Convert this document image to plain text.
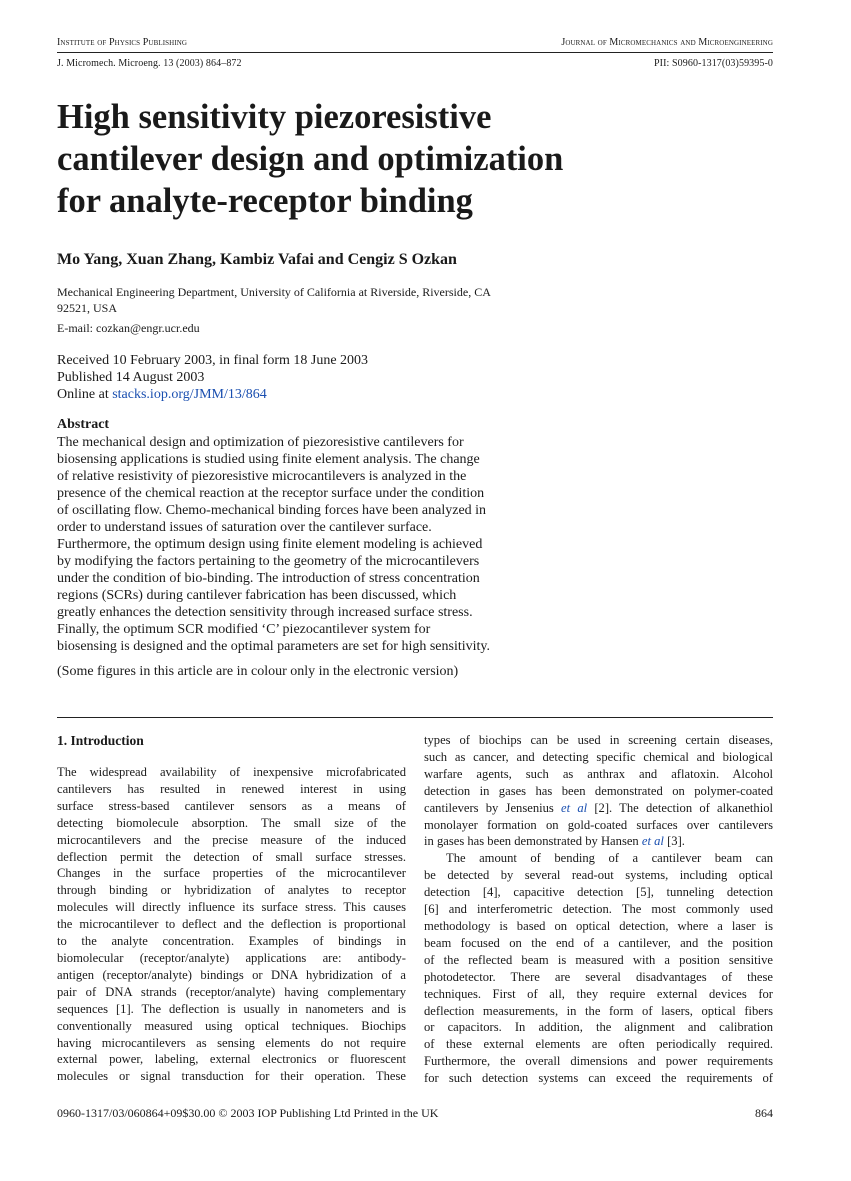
Institute of Physics Publishing	Journal of Micromechanics and Microengineering
J. Micromech. Microeng. 13 (2003) 864–872	PII: S0960-1317(03)59395-0
High sensitivity piezoresistive
cantilever design and optimization
for analyte-receptor binding
Mo Yang, Xuan Zhang, Kambiz Vafai and Cengiz S Ozkan
Mechanical Engineering Department, University of California at Riverside, Riverside, CA 92521, USA
E-mail: cozkan@engr.ucr.edu
Received 10 February 2003, in final form 18 June 2003
Published 14 August 2003
Online at stacks.iop.org/JMM/13/864
Abstract
The mechanical design and optimization of piezoresistive cantilevers for
biosensing applications is studied using finite element analysis. The change
of relative resistivity of piezoresistive microcantilevers is analyzed in the
presence of the chemical reaction at the receptor surface under the condition
of oscillating flow. Chemo-mechanical binding forces have been analyzed in
order to understand issues of saturation over the cantilever surface.
Furthermore, the optimum design using finite element modeling is achieved
by modifying the factors pertaining to the geometry of the microcantilevers
under the condition of bio-binding. The introduction of stress concentration
regions (SCRs) during cantilever fabrication has been discussed, which
greatly enhances the detection sensitivity through increased surface stress.
Finally, the optimum SCR modified ‘C’ piezocantilever system for
biosensing is designed and the optimal parameters are set for high sensitivity.
(Some figures in this article are in colour only in the electronic version)
1. Introduction
The widespread availability of inexpensive microfabricated
cantilevers has resulted in renewed interest in using
surface stress-based cantilever sensors as a means of
detecting biomolecule absorption. The small size of the
microcantilevers and the precise measure of the induced
deflection permit the detection of small surface stresses.
Changes in the surface properties of the microcantilever
through binding or hybridization of analytes to receptor
molecules will directly influence its surface stress. This causes
the microcantilever to deflect and the deflection is proportional
to the analyte concentration. Examples of bindings in
biomolecular (receptor/analyte) applications are: antibody-
antigen (receptor/analyte) bindings or DNA hybridization of a
pair of DNA strands (receptor/analyte) having complementary
sequences [1]. The deflection is usually in nanometers and is
conventionally measured using optical techniques. Biochips
having microcantilevers as sensing elements do not require
external power, labeling, external electronics or fluorescent
molecules or signal transduction for their operation. These
types of biochips can be used in screening certain diseases,
such as cancer, and detecting specific chemical and biological
warfare agents, such as anthrax and aflatoxin. Alcohol
detection in gases has been demonstrated on polymer-coated
cantilevers by Jensenius et al [2]. The detection of alkanethiol
monolayer formation on gold-coated surfaces over cantilevers
in gases has been demonstrated by Hansen et al [3].
The amount of bending of a cantilever beam can
be detected by several read-out systems, including optical
detection [4], capacitive detection [5], tunneling detection
[6] and interferometric detection. The most commonly used
methodology is based on optical detection, where a laser is
beam focused on the end of a cantilever, and the position
of the reflected beam is measured with a position sensitive
photodetector. There are several disadvantages of these
techniques. First of all, they require external devices for
deflection measurements, in the form of lasers, optical fibers
or capacitors. In addition, the alignment and calibration
of these external elements are often periodically required.
Furthermore, the overall dimensions and power requirements
for such detection systems can exceed the requirements of
0960-1317/03/060864+09$30.00 © 2003 IOP Publishing Ltd Printed in the UK	864
